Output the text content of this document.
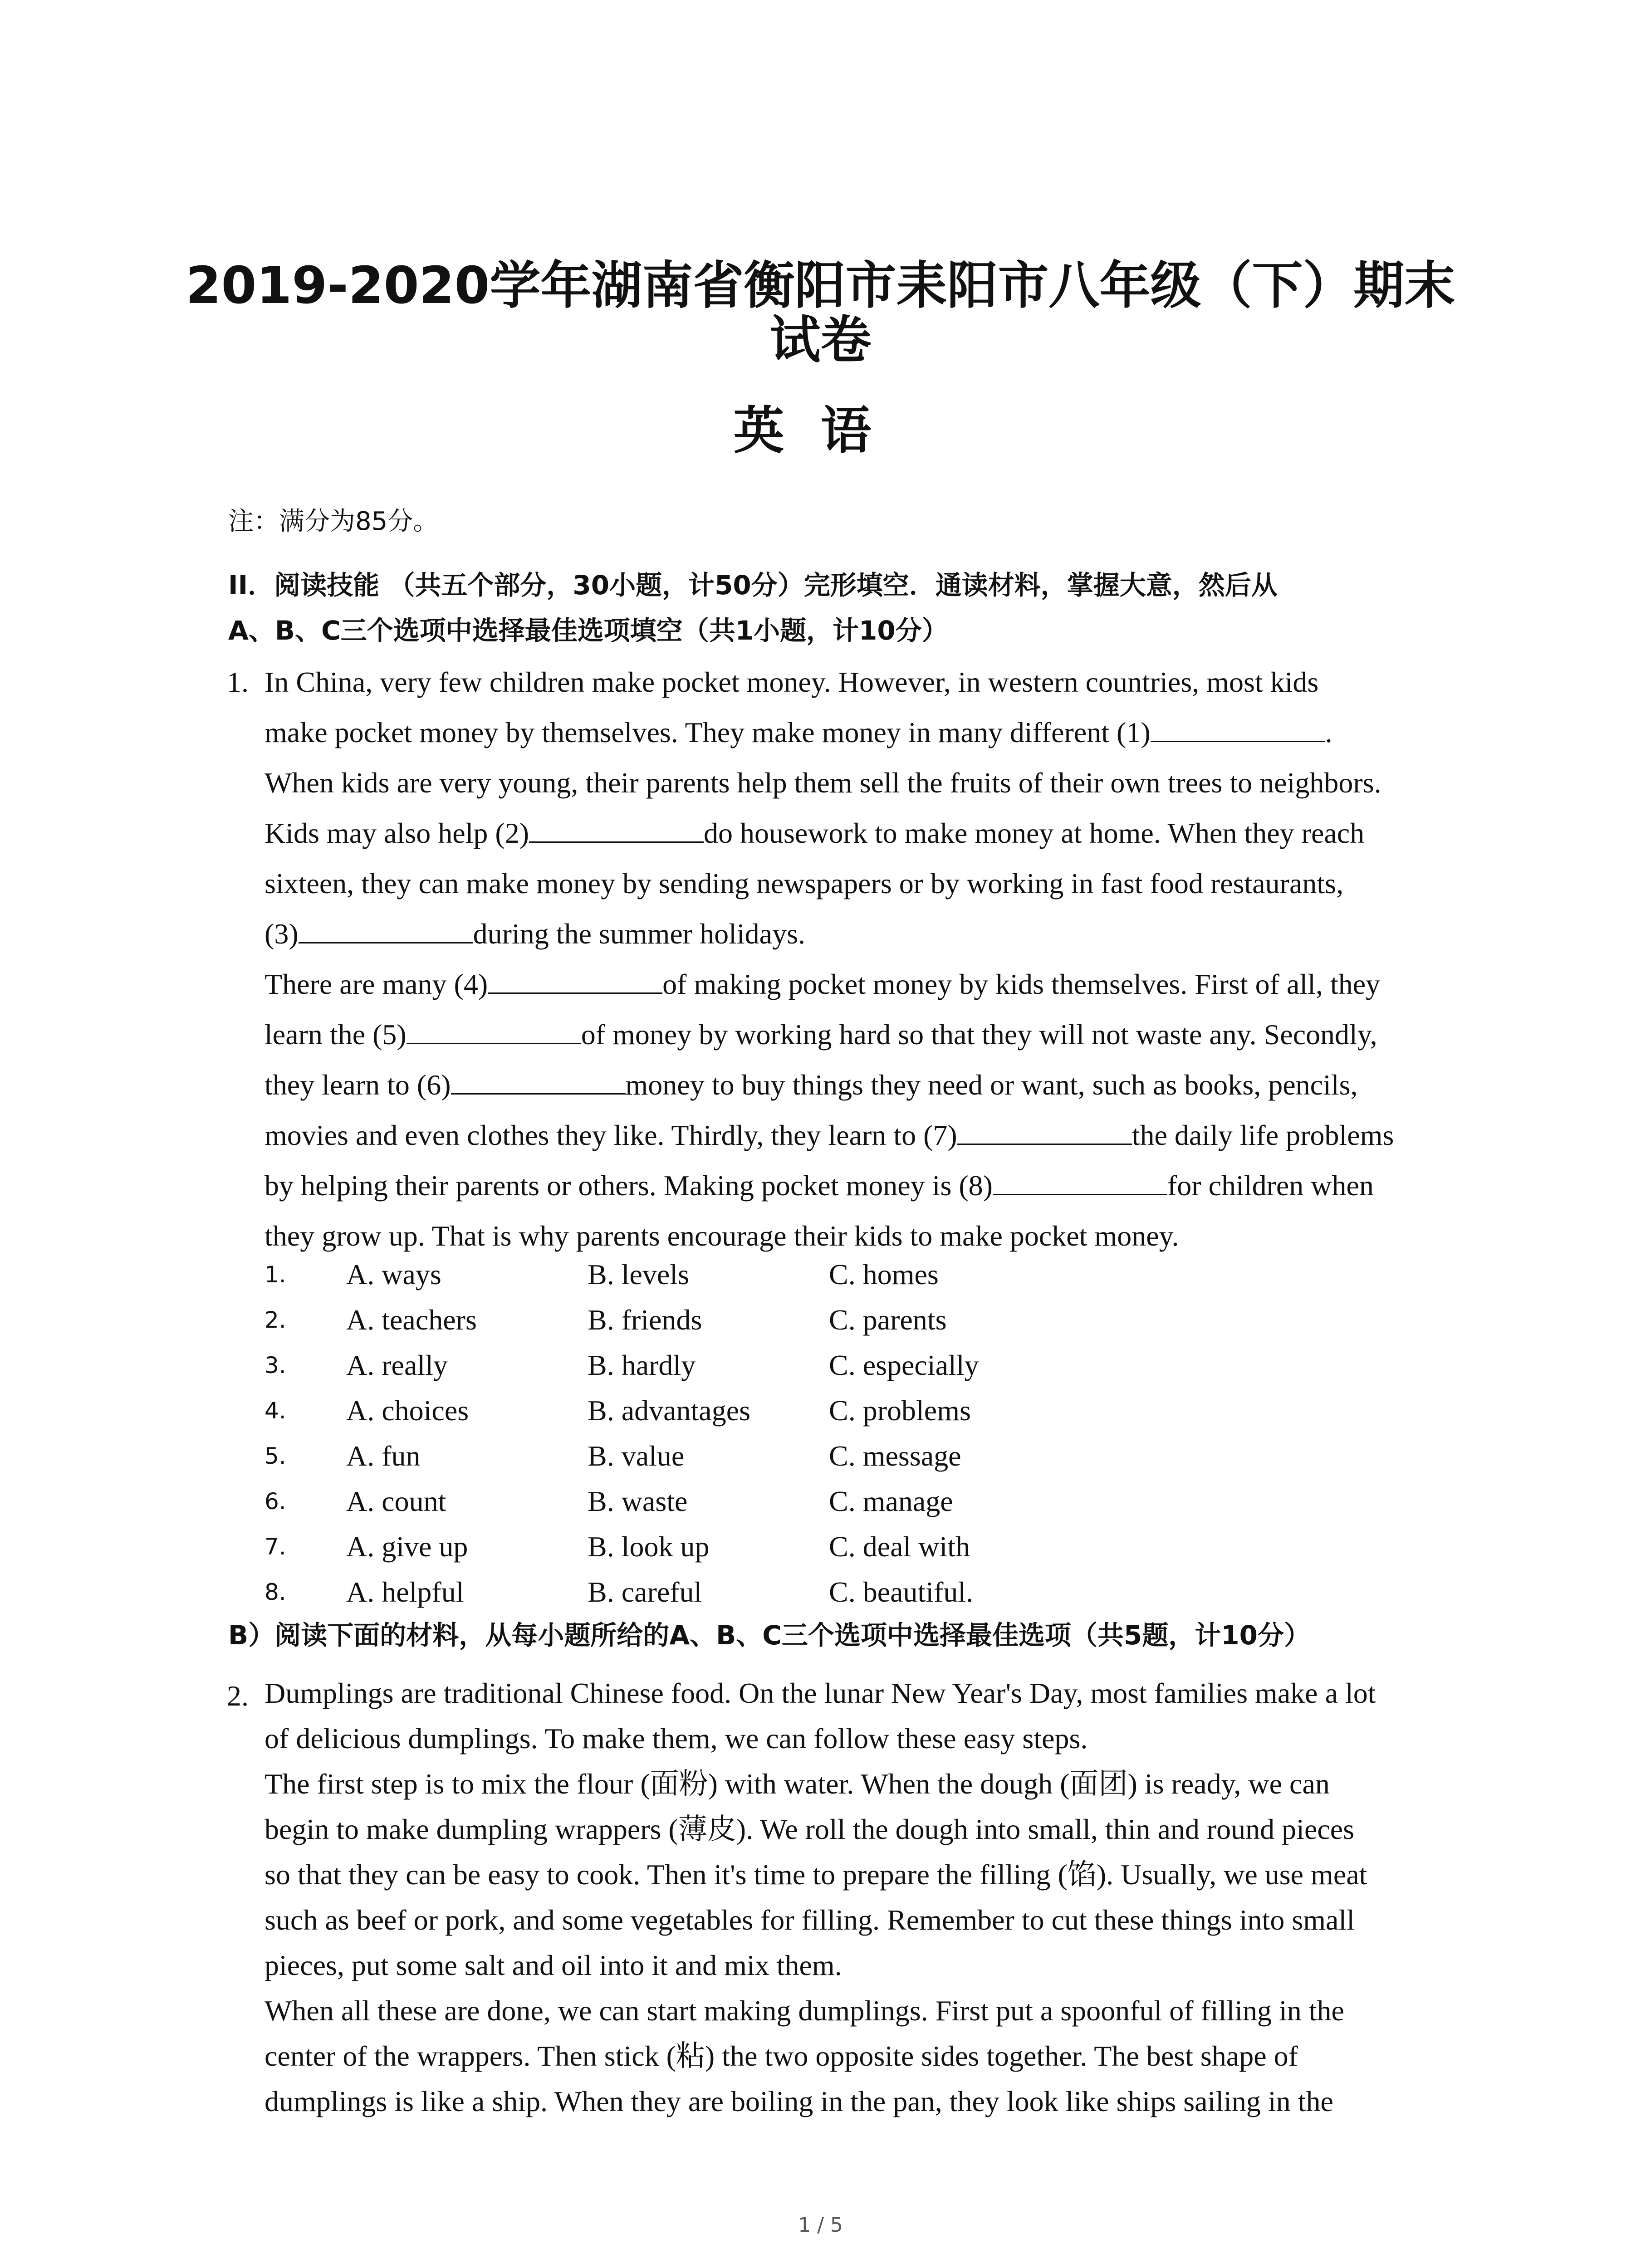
2019-2020学年湖南省衡阳市耒阳市八年级（下）期末
试卷
英语
注：满分为85分。
II．阅读技能 （共五个部分，30小题，计50分）完形填空．通读材料，掌握大意，然后从
A、B、C三个选项中选择最佳选项填空（共1小题，计10分）
1. In China, very few children make pocket money. However, in western countries, most kids
make pocket money by themselves. They make money in many different (1)	.
When kids are very young, their parents help them sell the fruits of their own trees to neighbors.
Kids may also help (2)	do housework to make money at home. When they reach
sixteen, they can make money by sending newspapers or by working in fast food restaurants,
(3)	during the summer holidays.
There are many (4)	of making pocket money by kids themselves. First of all, they
learn the (5)	of money by working hard so that they will not waste any. Secondly,
they learn to (6)	money to buy things they need or want, such as books, pencils,
movies and even clothes they like. Thirdly, they learn to (7)	the daily life problems
by helping their parents or others. Making pocket money is (8)	for children when
they grow up. That is why parents encourage their kids to make pocket money.
1. A. ways	B. levels	C. homes
2. A. teachers	B. friends	C. parents
3. A. really	B. hardly	C. especially
4. A. choices	B. advantages	C. problems
5. A. fun	B. value	C. message
6. A. count	B. waste	C. manage
7. A. give up	B. look up	C. deal with
8. A. helpful	B. careful	C. beautiful.
B）阅读下面的材料，从每小题所给的A、B、C三个选项中选择最佳选项（共5题，计10分）
2. Dumplings are traditional Chinese food. On the lunar New Year's Day, most families make a lot
of delicious dumplings. To make them, we can follow these easy steps.
The first step is to mix the flour (面粉) with water. When the dough (面团) is ready, we can
begin to make dumpling wrappers (薄皮). We roll the dough into small, thin and round pieces
so that they can be easy to cook. Then it's time to prepare the filling (馅). Usually, we use meat
such as beef or pork, and some vegetables for filling. Remember to cut these things into small
pieces, put some salt and oil into it and mix them.
When all these are done, we can start making dumplings. First put a spoonful of filling in the
center of the wrappers. Then stick (粘) the two opposite sides together. The best shape of
dumplings is like a ship. When they are boiling in the pan, they look like ships sailing in the
1 / 5
